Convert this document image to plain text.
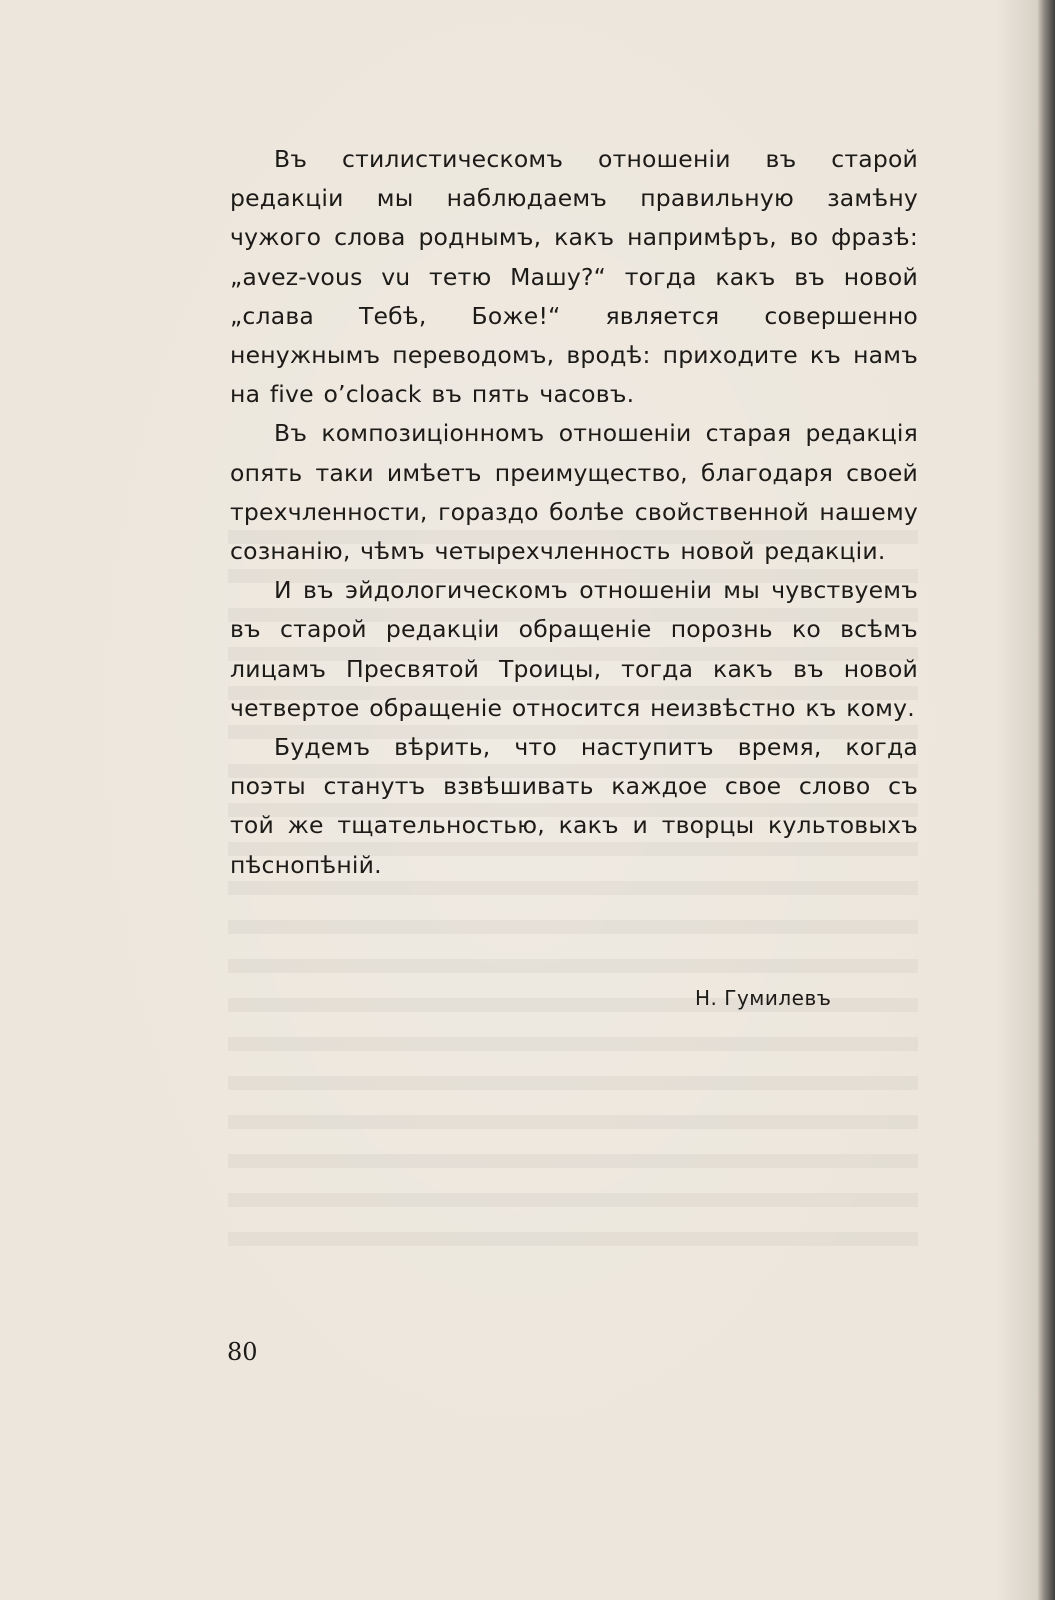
Въ стилистическомъ отношенiи въ старой редакцiи мы наблюдаемъ правильную замѣну чужого слова роднымъ, какъ напримѣръ, во фразѣ: „avez-vous vu тетю Машу?“ тогда какъ въ новой „слава Тебѣ, Боже!“ является совершенно ненужнымъ переводомъ, вродѣ: приходите къ намъ на five o’cloack въ пять часовъ.

Въ композицiонномъ отношенiи старая редакцiя опять таки имѣетъ преимущество, благодаря своей трехчленности, гораздо болѣе свойственной нашему сознанiю, чѣмъ четырехчленность новой редакцiи.

И въ эйдологическомъ отношенiи мы чувствуемъ въ старой редакцiи обращенiе порознь ко всѣмъ лицамъ Пресвятой Троицы, тогда какъ въ новой четвертое обращенiе относится неизвѣстно къ кому.

Будемъ вѣрить, что наступитъ время, когда поэты станутъ взвѣшивать каждое свое слово съ той же тщательностью, какъ и творцы культовыхъ пѣснопѣнiй.

Н. Гумилевъ
80
